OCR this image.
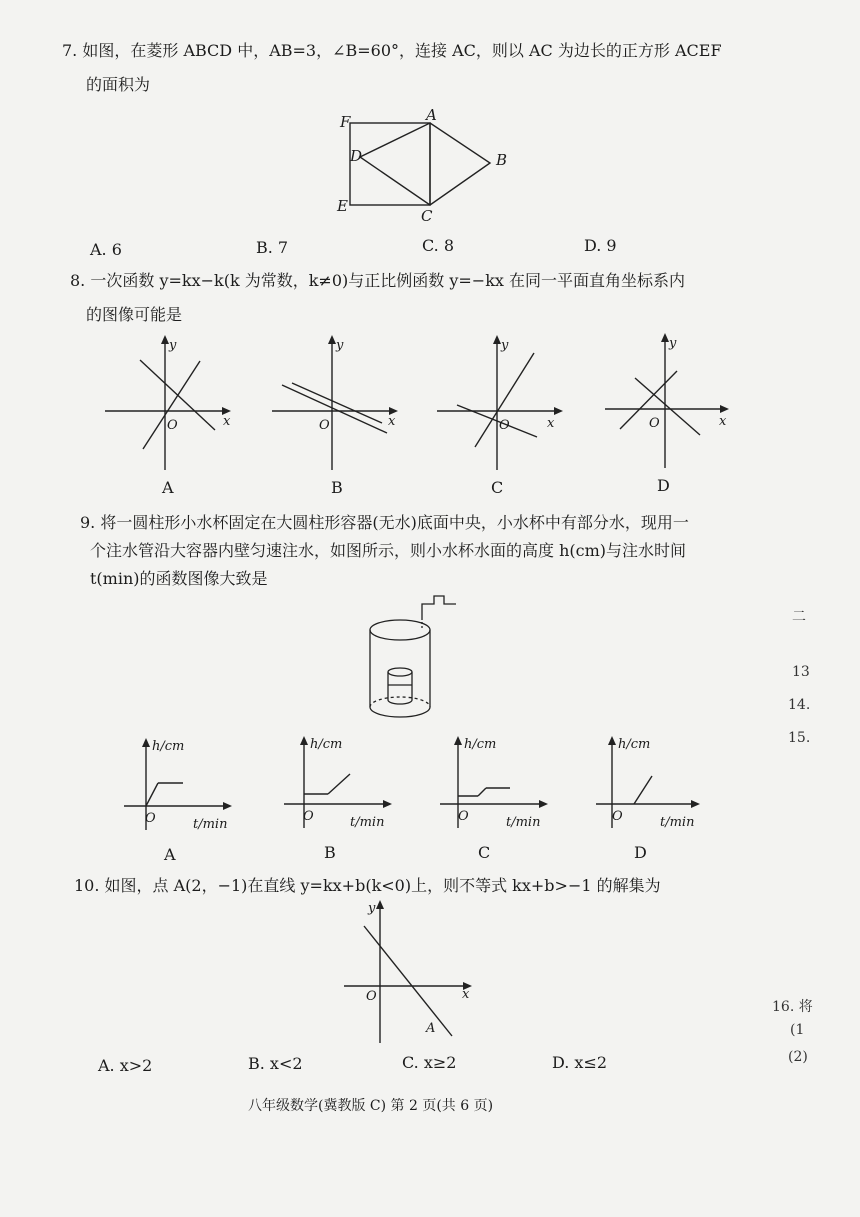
7. 如图，在菱形 ABCD 中，AB=3，∠B=60°，连接 AC，则以 AC 为边长的正方形 ACEF
的面积为
F	A
D	B
E
C
A. 6	B. 7	C. 8	D. 9
8. 一次函数 y=kx−k(k 为常数，k≠0)与正比例函数 y=−kx 在同一平面直角坐标系内
的图像可能是
y
x
O
A
y
x
O
B
y
x
O
C
y
x
O
D
9. 将一圆柱形小水杯固定在大圆柱形容器(无水)底面中央，小水杯中有部分水，现用一
个注水管沿大容器内壁匀速注水，如图所示，则小水杯水面的高度 h(cm)与注水时间
t(min)的函数图像大致是
h/cm
t/min
O
A
h/cm
t/min
O
B
h/cm
t/min
O
C
h/cm
t/min
O
D
10. 如图，点 A(2，−1)在直线 y=kx+b(k<0)上，则不等式 kx+b>−1 的解集为
y
x
O
A
A. x>2	B. x<2	C. x≥2	D. x≤2
二
13
14.
15.
16. 将
(1
(2)
八年级数学(冀教版 C) 第 2 页(共 6 页)
